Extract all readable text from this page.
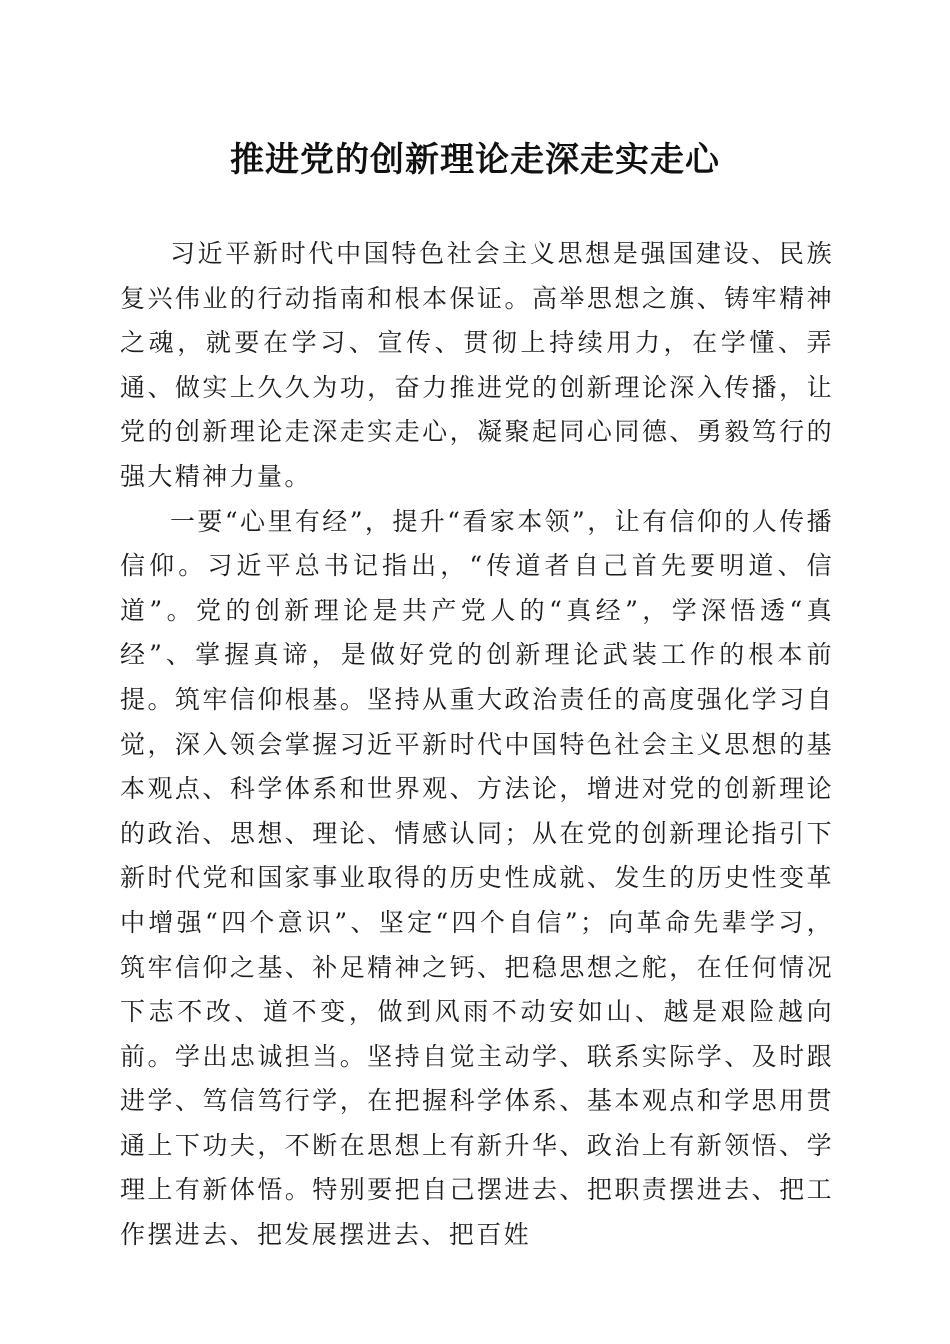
推进党的创新理论走深走实走心

习近平新时代中国特色社会主义思想是强国建设、民族复兴伟业的行动指南和根本保证。高举思想之旗、铸牢精神之魂，就要在学习、宣传、贯彻上持续用力，在学懂、弄通、做实上久久为功，奋力推进党的创新理论深入传播，让党的创新理论走深走实走心，凝聚起同心同德、勇毅笃行的强大精神力量。

一要“心里有经”，提升“看家本领”，让有信仰的人传播信仰。习近平总书记指出，“传道者自己首先要明道、信道”。党的创新理论是共产党人的“真经”，学深悟透“真经”、掌握真谛，是做好党的创新理论武装工作的根本前提。筑牢信仰根基。坚持从重大政治责任的高度强化学习自觉，深入领会掌握习近平新时代中国特色社会主义思想的基本观点、科学体系和世界观、方法论，增进对党的创新理论的政治、思想、理论、情感认同；从在党的创新理论指引下新时代党和国家事业取得的历史性成就、发生的历史性变革中增强“四个意识”、坚定“四个自信”；向革命先辈学习，筑牢信仰之基、补足精神之钙、把稳思想之舵，在任何情况下志不改、道不变，做到风雨不动安如山、越是艰险越向前。学出忠诚担当。坚持自觉主动学、联系实际学、及时跟进学、笃信笃行学，在把握科学体系、基本观点和学思用贯通上下功夫，不断在思想上有新升华、政治上有新领悟、学理上有新体悟。特别要把自己摆进去、把职责摆进去、把工作摆进去、把发展摆进去、把百姓
